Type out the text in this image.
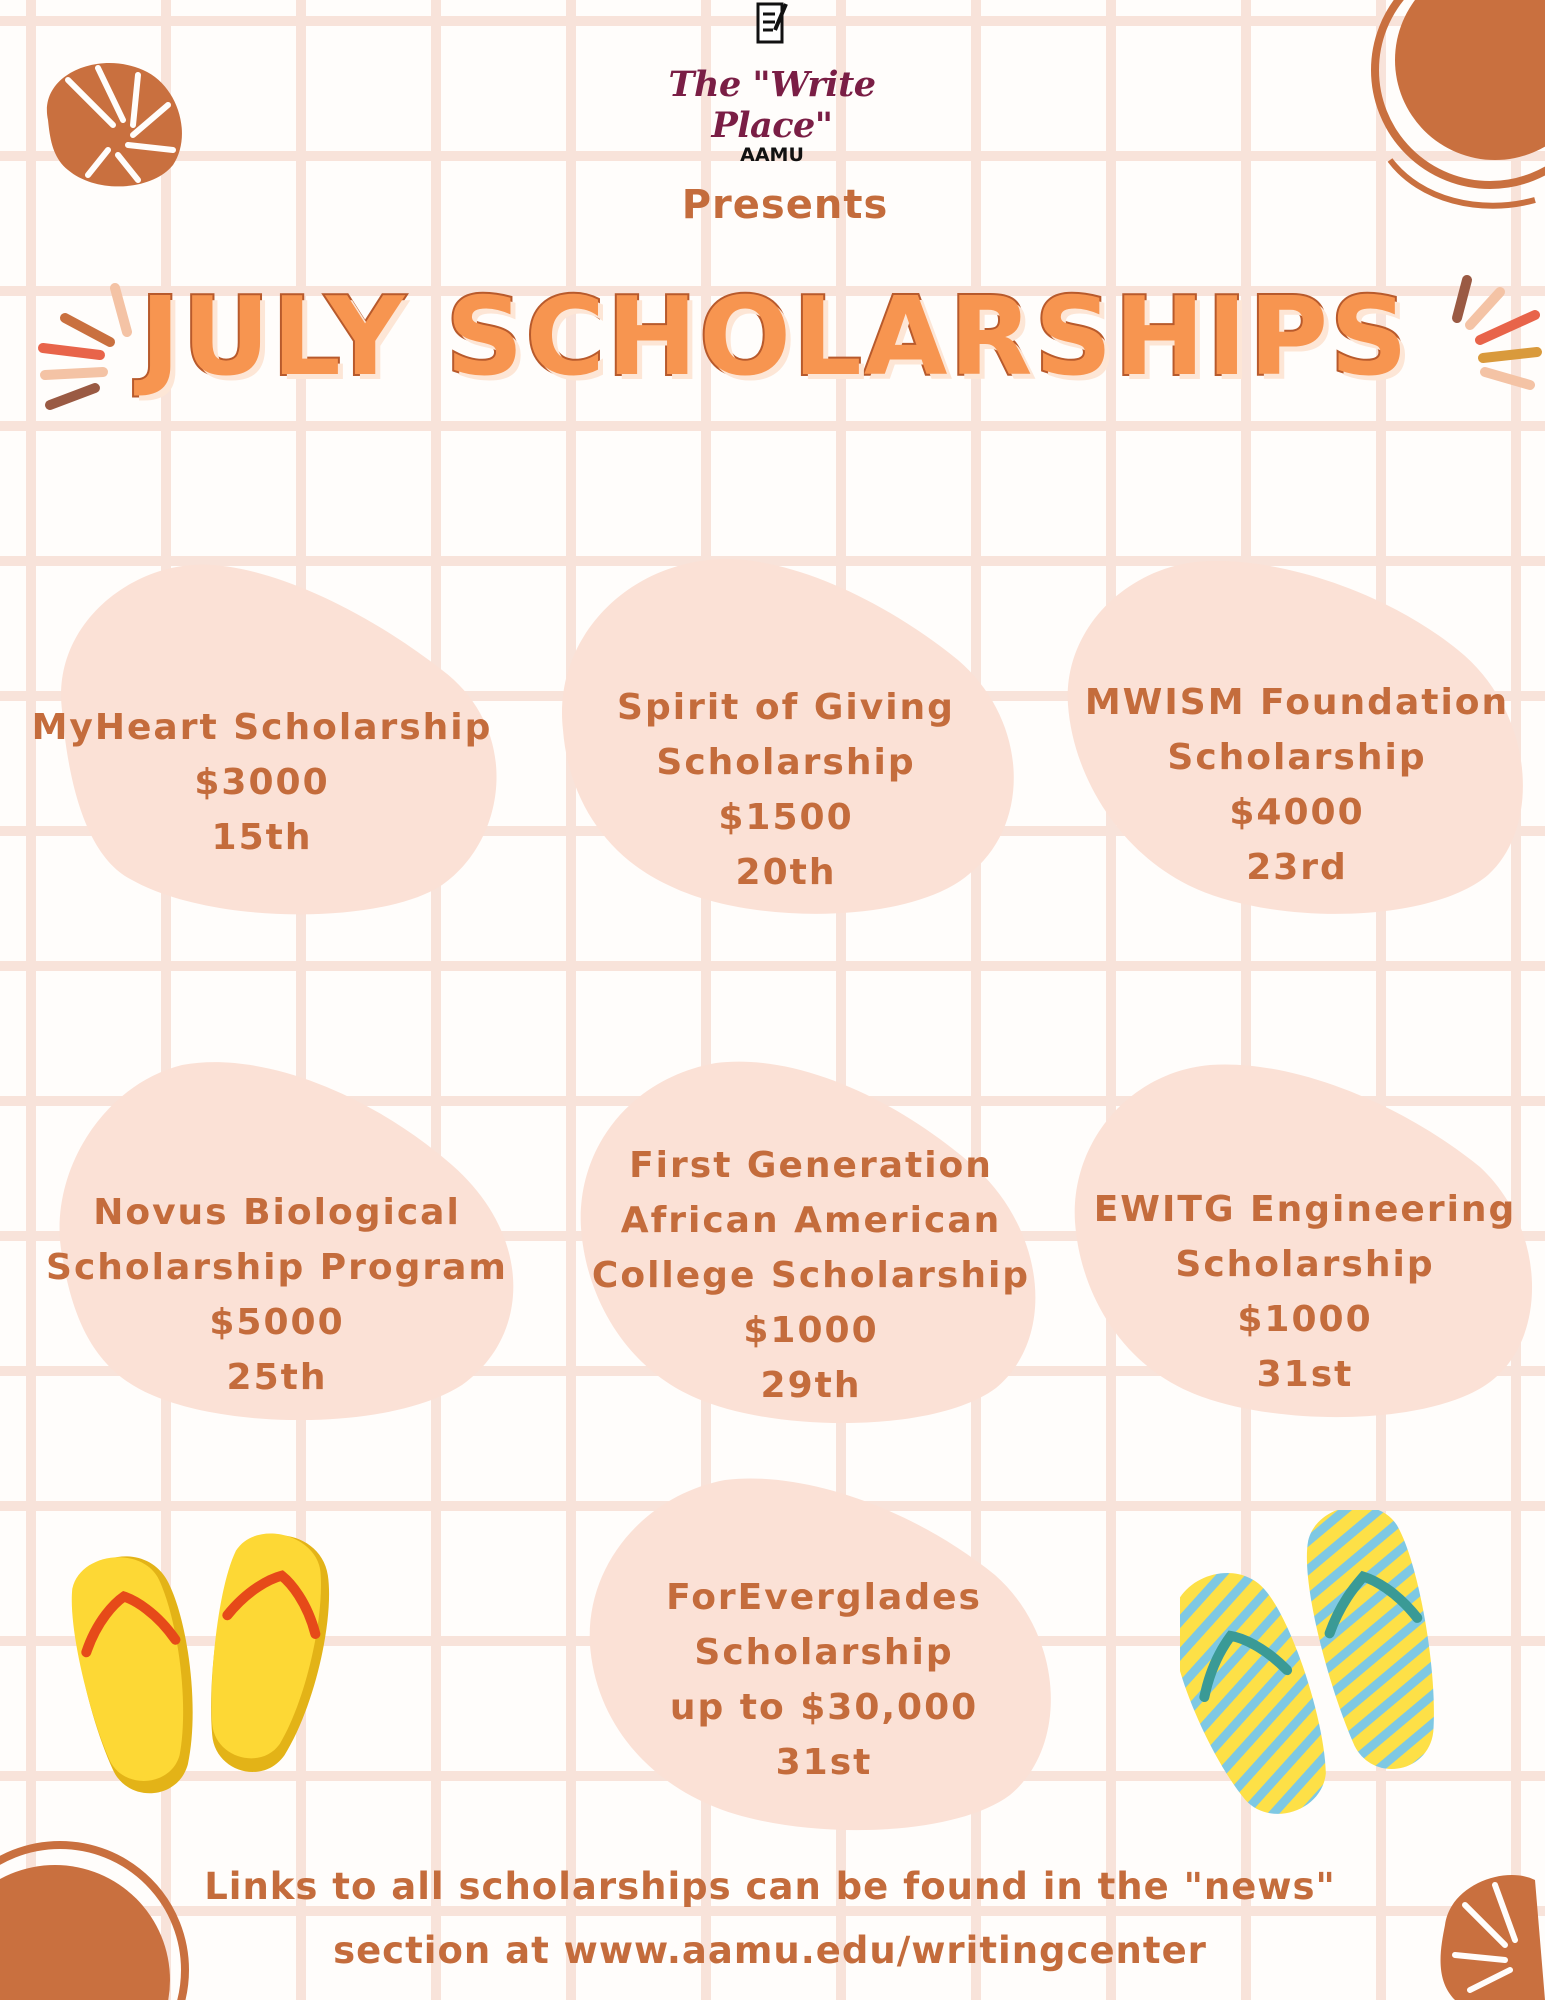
The "Write Place"
AAMU
Presents
JULY SCHOLARSHIPS
MyHeart Scholarship
$3000
15th
Spirit of Giving
Scholarship
$1500
20th
MWISM Foundation
Scholarship
$4000
23rd
Novus Biological
Scholarship Program
$5000
25th
First Generation
African American
College Scholarship
$1000
29th
EWITG Engineering
Scholarship
$1000
31st
ForEverglades
Scholarship
up to $30,000
31st
Links to all scholarships can be found in the "news"
section at www.aamu.edu/writingcenter
